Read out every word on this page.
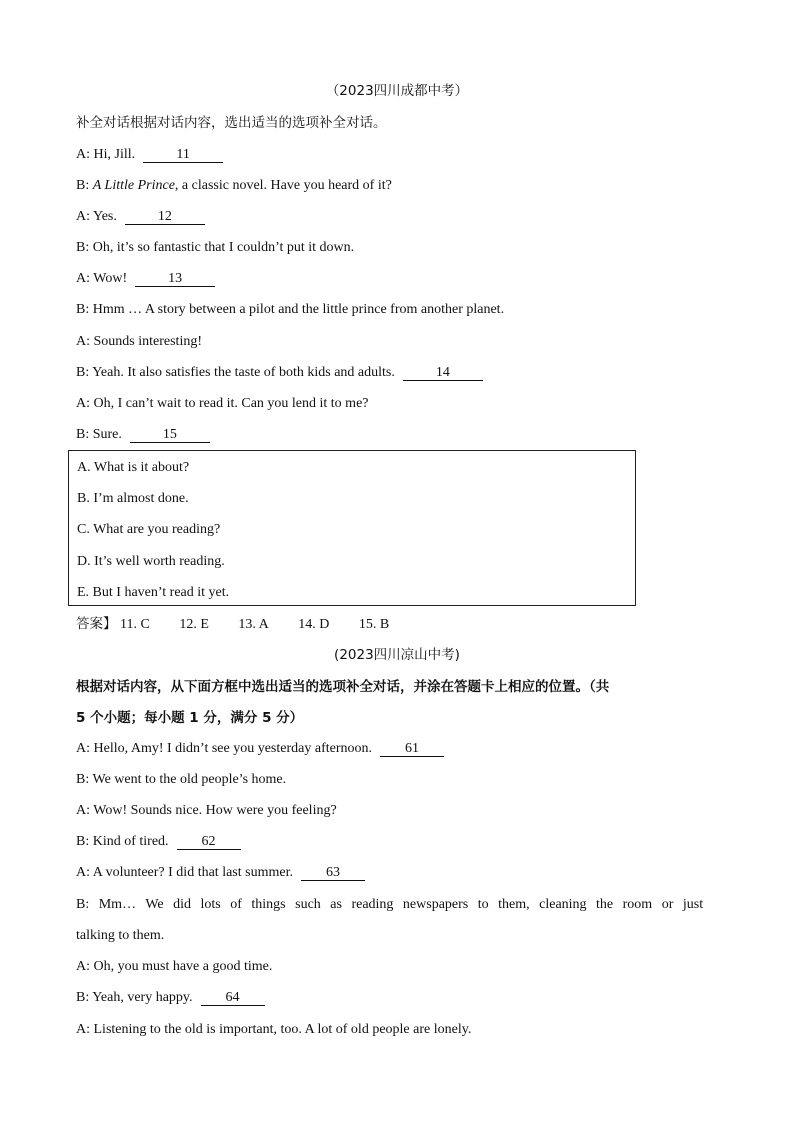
（2023四川成都中考）
补全对话根据对话内容，选出适当的选项补全对话。
A: Hi, Jill.	11
B: A Little Prince, a classic novel. Have you heard of it?
A: Yes.	12
B: Oh, it’s so fantastic that I couldn’t put it down.
A: Wow!	13
B: Hmm … A story between a pilot and the little prince from another planet.
A: Sounds interesting!
B: Yeah. It also satisfies the taste of both kids and adults.	14
A: Oh, I can’t wait to read it. Can you lend it to me?
B: Sure.	15
A. What is it about?
B. I’m almost done.
C. What are you reading?
D. It’s well worth reading.
E. But I haven’t read it yet.
答案】 11. C 12. E 13. A 14. D 15. B
(2023四川凉山中考)
根据对话内容，从下面方框中选出适当的选项补全对话，并涂在答题卡上相应的位置。（共
5 个小题；每小题 1 分，满分 5 分）
A: Hello, Amy! I didn’t see you yesterday afternoon. 61
B: We went to the old people’s home.
A: Wow! Sounds nice. How were you feeling?
B: Kind of tired. 62
A: A volunteer? I did that last summer. 63
B: Mm… We did lots of things such as reading newspapers to them, cleaning the room or just
talking to them.
A: Oh, you must have a good time.
B: Yeah, very happy. 64
A: Listening to the old is important, too. A lot of old people are lonely.
